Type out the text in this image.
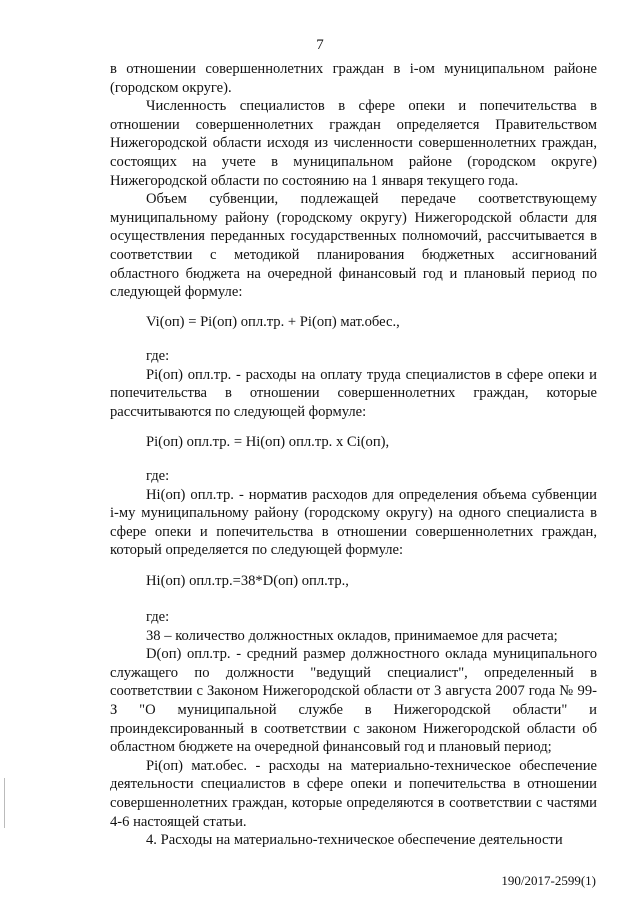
7

в отношении совершеннолетних граждан в i-ом муниципальном районе (городском округе).

Численность специалистов в сфере опеки и попечительства в отношении совершеннолетних граждан определяется Правительством Нижегородской области исходя из численности совершеннолетних граждан, состоящих на учете в муниципальном районе (городском округе) Нижегородской области по состоянию на 1 января текущего года.

Объем субвенции, подлежащей передаче соответствующему муниципальному району (городскому округу) Нижегородской области для осуществления переданных государственных полномочий, рассчитывается в соответствии с методикой планирования бюджетных ассигнований областного бюджета на очередной финансовый год и плановый период по следующей формуле:

Vi(оп) = Pi(оп) опл.тр. + Pi(оп) мат.обес.,

где:

Pi(оп) опл.тр. - расходы на оплату труда специалистов в сфере опеки и попечительства в отношении совершеннолетних граждан, которые рассчитываются по следующей формуле:

Pi(оп) опл.тр. = Hi(оп) опл.тр. x Ci(оп),

где:

Hi(оп) опл.тр. - норматив расходов для определения объема субвенции i-му муниципальному району (городскому округу) на одного специалиста в сфере опеки и попечительства в отношении совершеннолетних граждан, который определяется по следующей формуле:

Hi(оп) опл.тр.=38*D(оп) опл.тр.,

где:

38 – количество должностных окладов, принимаемое для расчета;

D(оп) опл.тр. - средний размер должностного оклада муниципального служащего по должности "ведущий специалист", определенный в соответствии с Законом Нижегородской области от 3 августа 2007 года № 99-З "О муниципальной службе в Нижегородской области" и проиндексированный в соответствии с законом Нижегородской области об областном бюджете на очередной финансовый год и плановый период;

Pi(оп) мат.обес. - расходы на материально-техническое обеспечение деятельности специалистов в сфере опеки и попечительства в отношении совершеннолетних граждан, которые определяются в соответствии с частями 4-6 настоящей статьи.

4. Расходы на материально-техническое обеспечение деятельности

190/2017-2599(1)
